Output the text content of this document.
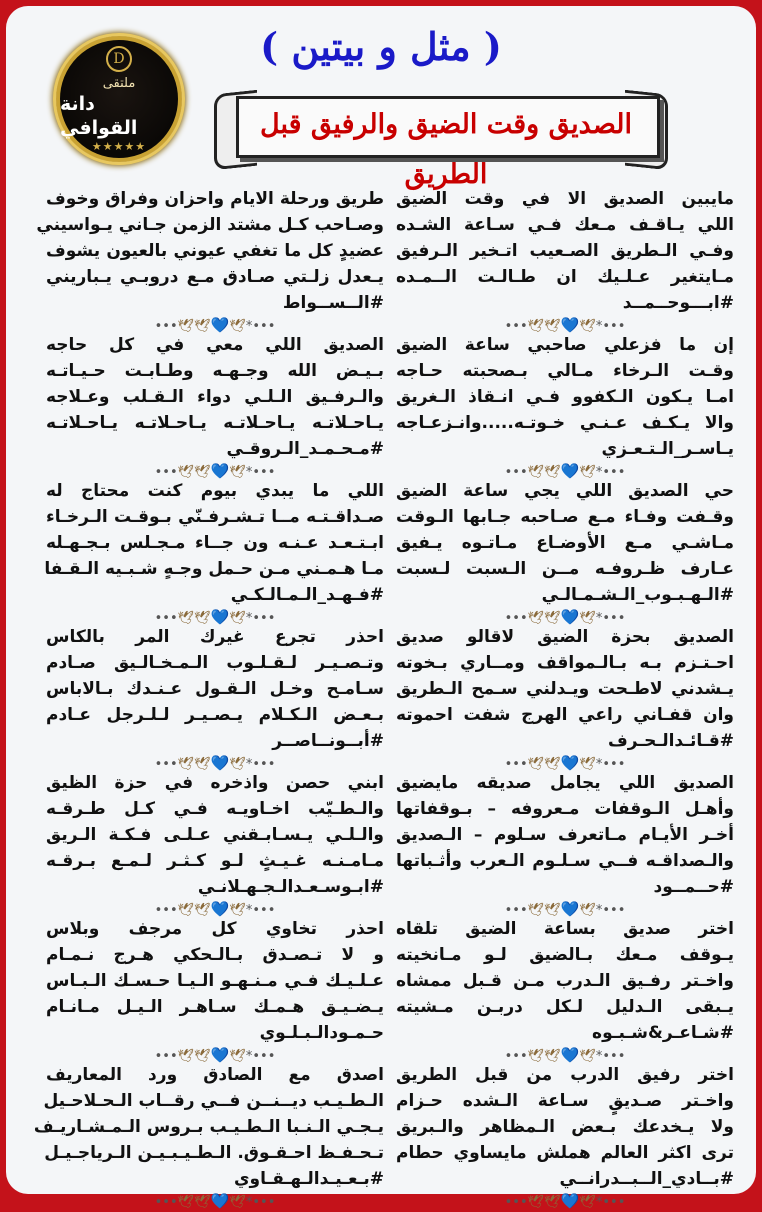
( مثل و بيتين )
D
ملتقى
دانة القوافي
★★★★★
الصديق وقت الضيق والرفيق قبل الطريق
مايبين الصديق الا في وقت الضيق
اللي يـاقـف مـعك فـي سـاعة الشـده
وفـي الـطريق الصـعيب اتـخير الـرفيق
مـايتغير عـلـيك ان طـالـت الــمـده
#ابـــوحــمــد
•••🕊🕊💙🕊*•••
إن ما فزعلي صاحبي ساعة الضيق
وقـت الـرخاء مـالي بـصحبته حـاجه
امـا يـكون الـكفوو فـي انـقاذ الـغريق
والا يـكـف عـنـي خـوتـه.....وانـزعـاجه
يـاسـر_الـتـعـزي
•••🕊🕊💙🕊*•••
حي الصديق اللي يجي ساعة الضيق
وقـفت وفـاء مـع صـاحبه جـابها الـوقت
مـاشـي مـع الأوضـاع مـاتـوه يـفيق
عـارف ظـروفـه مــن الـسبت لـسبت
#الـهـبـوب_الـشـمـالـي
•••🕊🕊💙🕊*•••
الصديق بحزة الضيق لاقالو صديق
احـتـزم بـه بـالـمواقف ومــاري بـخوته
يـشدني لاطـحت ويـدلني سـمح الـطريق
وان قفـاني راعي الهرج شفت احموته
#قـائـدالـحـرف
•••🕊🕊💙🕊*•••
الصديق اللي يجامل صديقه مايضيق
وأهـل الـوقفات مـعروفه – بـوقفاتها
أخـر الأيـام مـاتعرف سـلوم – الـصديق
والـصداقـه فــي سـلـوم الـعرب وأثـباتها
#حــمــود
•••🕊🕊💙🕊*•••
اختر صديق بساعة الضيق تلقاه
يـوقف مـعك بـالضيق لـو مـانخيته
واخـتر رفـيق الـدرب مـن قـبل ممشاه
يـبقى الـدليل لـكل دربـن مـشيته
#شـاعـر&شـبـوه
•••🕊🕊💙🕊*•••
اختر رفيق الدرب من قبل الطريق
واخـتر صـديقٍ سـاعة الـشده حـزام
ولا يـخدعك بـعض الـمظاهر والـبريق
ترى اكثر العالم هملش مايساوي حطام
#بــادي_الــبــدرانــي
•••🕊🕊💙🕊*•••
طريق ورحلة الايام واحزان وفراق وخوف
وصـاحب كـل مشتد الزمن جـاني يـواسيني
عضيدٍ كل ما تغفي عيوني بالعيون يشوف
يـعدل زلـتي صـادق مـع دروبـي يـباريني
#الــســواط
•••🕊🕊💙🕊*•••
الصديق اللي معي في كل حاجه
بـيـض الله وجـهـه وطـابـت حـيـاتـه
والـرفـيق الـلـي دواء الـقـلب وعـلاجه
يـاحـلاتـه يـاحـلاتـه يـاحـلاتـه يـاحـلاتـه
#مـحـمـد_الـروقـي
•••🕊🕊💙🕊*•••
اللي ما يبدي بيوم كنت محتاج له
صـداقـتـه مــا تـشـرفـنّي بـوقـت الـرخـاء
ابـتـعـد عـنـه ون جــاء مـجـلس بـجـهـله
مـا هـمـني مـن حـمل وجـهٍ شـبـيه الـقـفا
#فـهـد_الـمـالـكـي
•••🕊🕊💙🕊*•••
احذر تجرع غيرك المر بالكاس
وتـصـيـر لـقـلـوب الـمـخـالـيق صـادم
سـامـح وخـل الـقـول عـنـدك بـالاباس
بـعـض الـكـلام يـصـيـر لـلـرجل عـادم
#أبــونــاصــر
•••🕊🕊💙🕊*•••
ابني حصن واذخره في حزة الظيق
والـطـيّب اخـاويـه فـي كـل طـرقـه
والـلـي يـسـابـقني عـلـى فـكـة الـريق
مـامـنـه غـيـثٍ لـو كـثـر لـمـع بـرقـه
#ابـوسـعـدالـجـهـلانـي
•••🕊🕊💙🕊*•••
احذر تخاوي كل مرجف وبلاس
و لا تـصـدق بـالـحكي هـرج نـمـام
عـلـيـك فـي مـنـهـو الـيـا حـسـك الـبـاس
يـضـيـق هـمـك سـاهـر الـيـل مـانـام
حـمـودالـبـلـوي
•••🕊🕊💙🕊*•••
اصدق مع الصادق ورد المعاريف
الـطـيـب ديــنــن فــي رقــاب الـحـلاحـيل
يـجـي الـنـبا الـطـيـب بـروس الـمـشـاريـف
تـحـفـظ احـقـوق. الـطـيـبـيـن الـرياجـيـل
#بـعـيـدالـهـقـاوي
•••🕊🕊💙🕊*•••
